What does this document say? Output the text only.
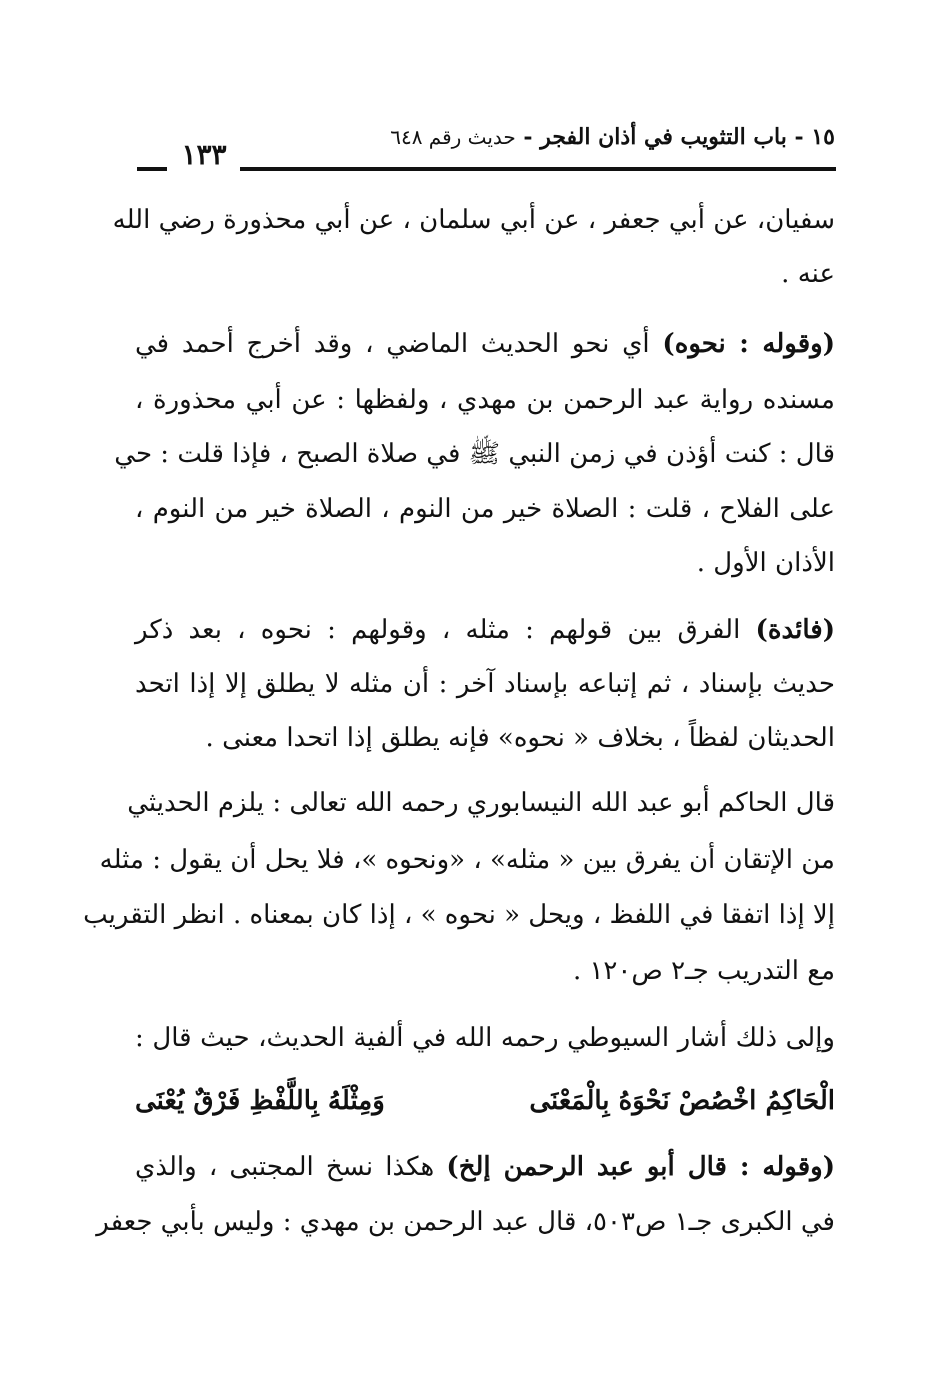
١٥ - باب التثويب في أذان الفجر - حديث رقم ٦٤٨
١٣٣
سفيان، عن أبي جعفر ، عن أبي سلمان ، عن أبي محذورة رضي الله
عنه .
(وقوله : نحوه) أي نحو الحديث الماضي ، وقد أخرج أحمد في
مسنده رواية عبد الرحمن بن مهدي ، ولفظها : عن أبي محذورة ،
قال : كنت أؤذن في زمن النبي ﷺ في صلاة الصبح ، فإذا قلت : حي
على الفلاح ، قلت : الصلاة خير من النوم ، الصلاة خير من النوم ،
الأذان الأول .
(فائدة) الفرق بين قولهم : مثله ، وقولهم : نحوه ، بعد ذكر
حديث بإسناد ، ثم إتباعه بإسناد آخر : أن مثله لا يطلق إلا إذا اتحد
الحديثان لفظاً ، بخلاف « نحوه» فإنه يطلق إذا اتحدا معنى .
قال الحاكم أبو عبد الله النيسابوري رحمه الله تعالى : يلزم الحديثي
من الإتقان أن يفرق بين « مثله» ، «ونحوه »، فلا يحل أن يقول : مثله
إلا إذا اتفقا في اللفظ ، ويحل « نحوه » ، إذا كان بمعناه . انظر التقريب
مع التدريب جـ٢ ص١٢٠ .
وإلى ذلك أشار السيوطي رحمه الله في ألفية الحديث، حيث قال :
الْحَاكِمُ اخْصُصْ نَحْوَهُ بِالْمَعْنَى
وَمِثْلَهُ بِاللَّفْظِ فَرْقٌ يُعْنَى
(وقوله : قال أبو عبد الرحمن إلخ) هكذا نسخ المجتبى ، والذي
في الكبرى جـ١ ص٥٠٣، قال عبد الرحمن بن مهدي : وليس بأبي جعفر
